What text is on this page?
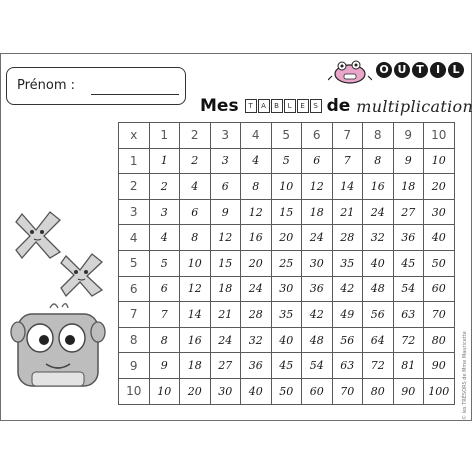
Prénom :
O U T	I	L
Mes	T	A	B	L	E	S de multiplication
x	1	2	3	4	5	6	7	8	9	10
1	1	2	3	4	5	6	7	8	9	10
2	2	4	6	8	10	12	14	16	18	20
3	3	6	9	12	15	18	21	24	27	30
4	4	8	12	16	20	24	28	32	36	40
5	5	10	15	20	25	30	35	40	45	50
6	6	12	18	24	30	36	42	48	54	60
7	7	14	21	28	35	42	49	56	63	70
8	8	16	24	32	40	48	56	64	72	80
9	9	18	27	36	45	54	63	72	81	90
10	10	20	30	40	50	60	70	80	90	100	© les TRÉSORS de Mme Mauricette
